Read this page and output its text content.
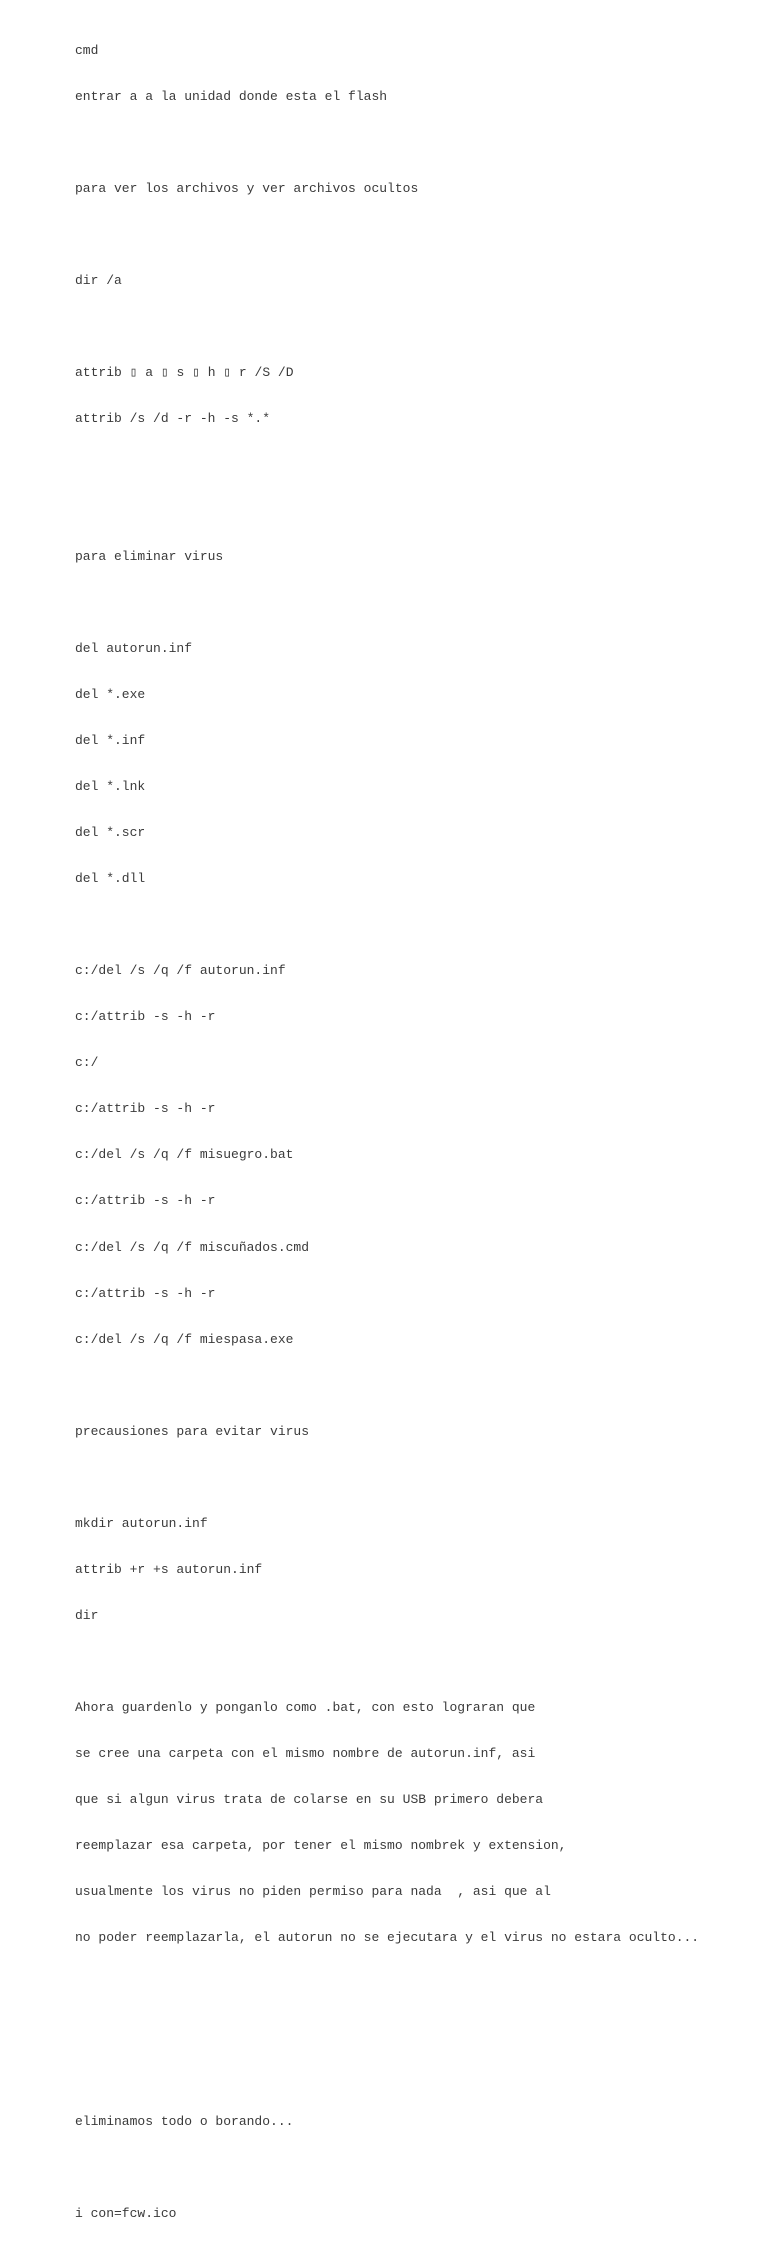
cmd

entrar a a la unidad donde esta el flash

para ver los archivos y ver archivos ocultos

dir /a

attrib ▯ a ▯ s ▯ h ▯ r /S /D

attrib /s /d -r -h -s *.*

para eliminar virus

del autorun.inf

del *.exe

del *.inf

del *.lnk

del *.scr

del *.dll

c:/del /s /q /f autorun.inf

c:/attrib -s -h -r

c:/

c:/attrib -s -h -r

c:/del /s /q /f misuegro.bat

c:/attrib -s -h -r

c:/del /s /q /f miscuñados.cmd

c:/attrib -s -h -r

c:/del /s /q /f miespasa.exe

precausiones para evitar virus

mkdir autorun.inf

attrib +r +s autorun.inf

dir

Ahora guardenlo y ponganlo como .bat, con esto lograran que

se cree una carpeta con el mismo nombre de autorun.inf, asi

que si algun virus trata de colarse en su USB primero debera

reemplazar esa carpeta, por tener el mismo nombrek y extension,

usualmente los virus no piden permiso para nada  , asi que al

no poder reemplazarla, el autorun no se ejecutara y el virus no estara oculto...

eliminamos todo o borando...

i con=fcw.ico
